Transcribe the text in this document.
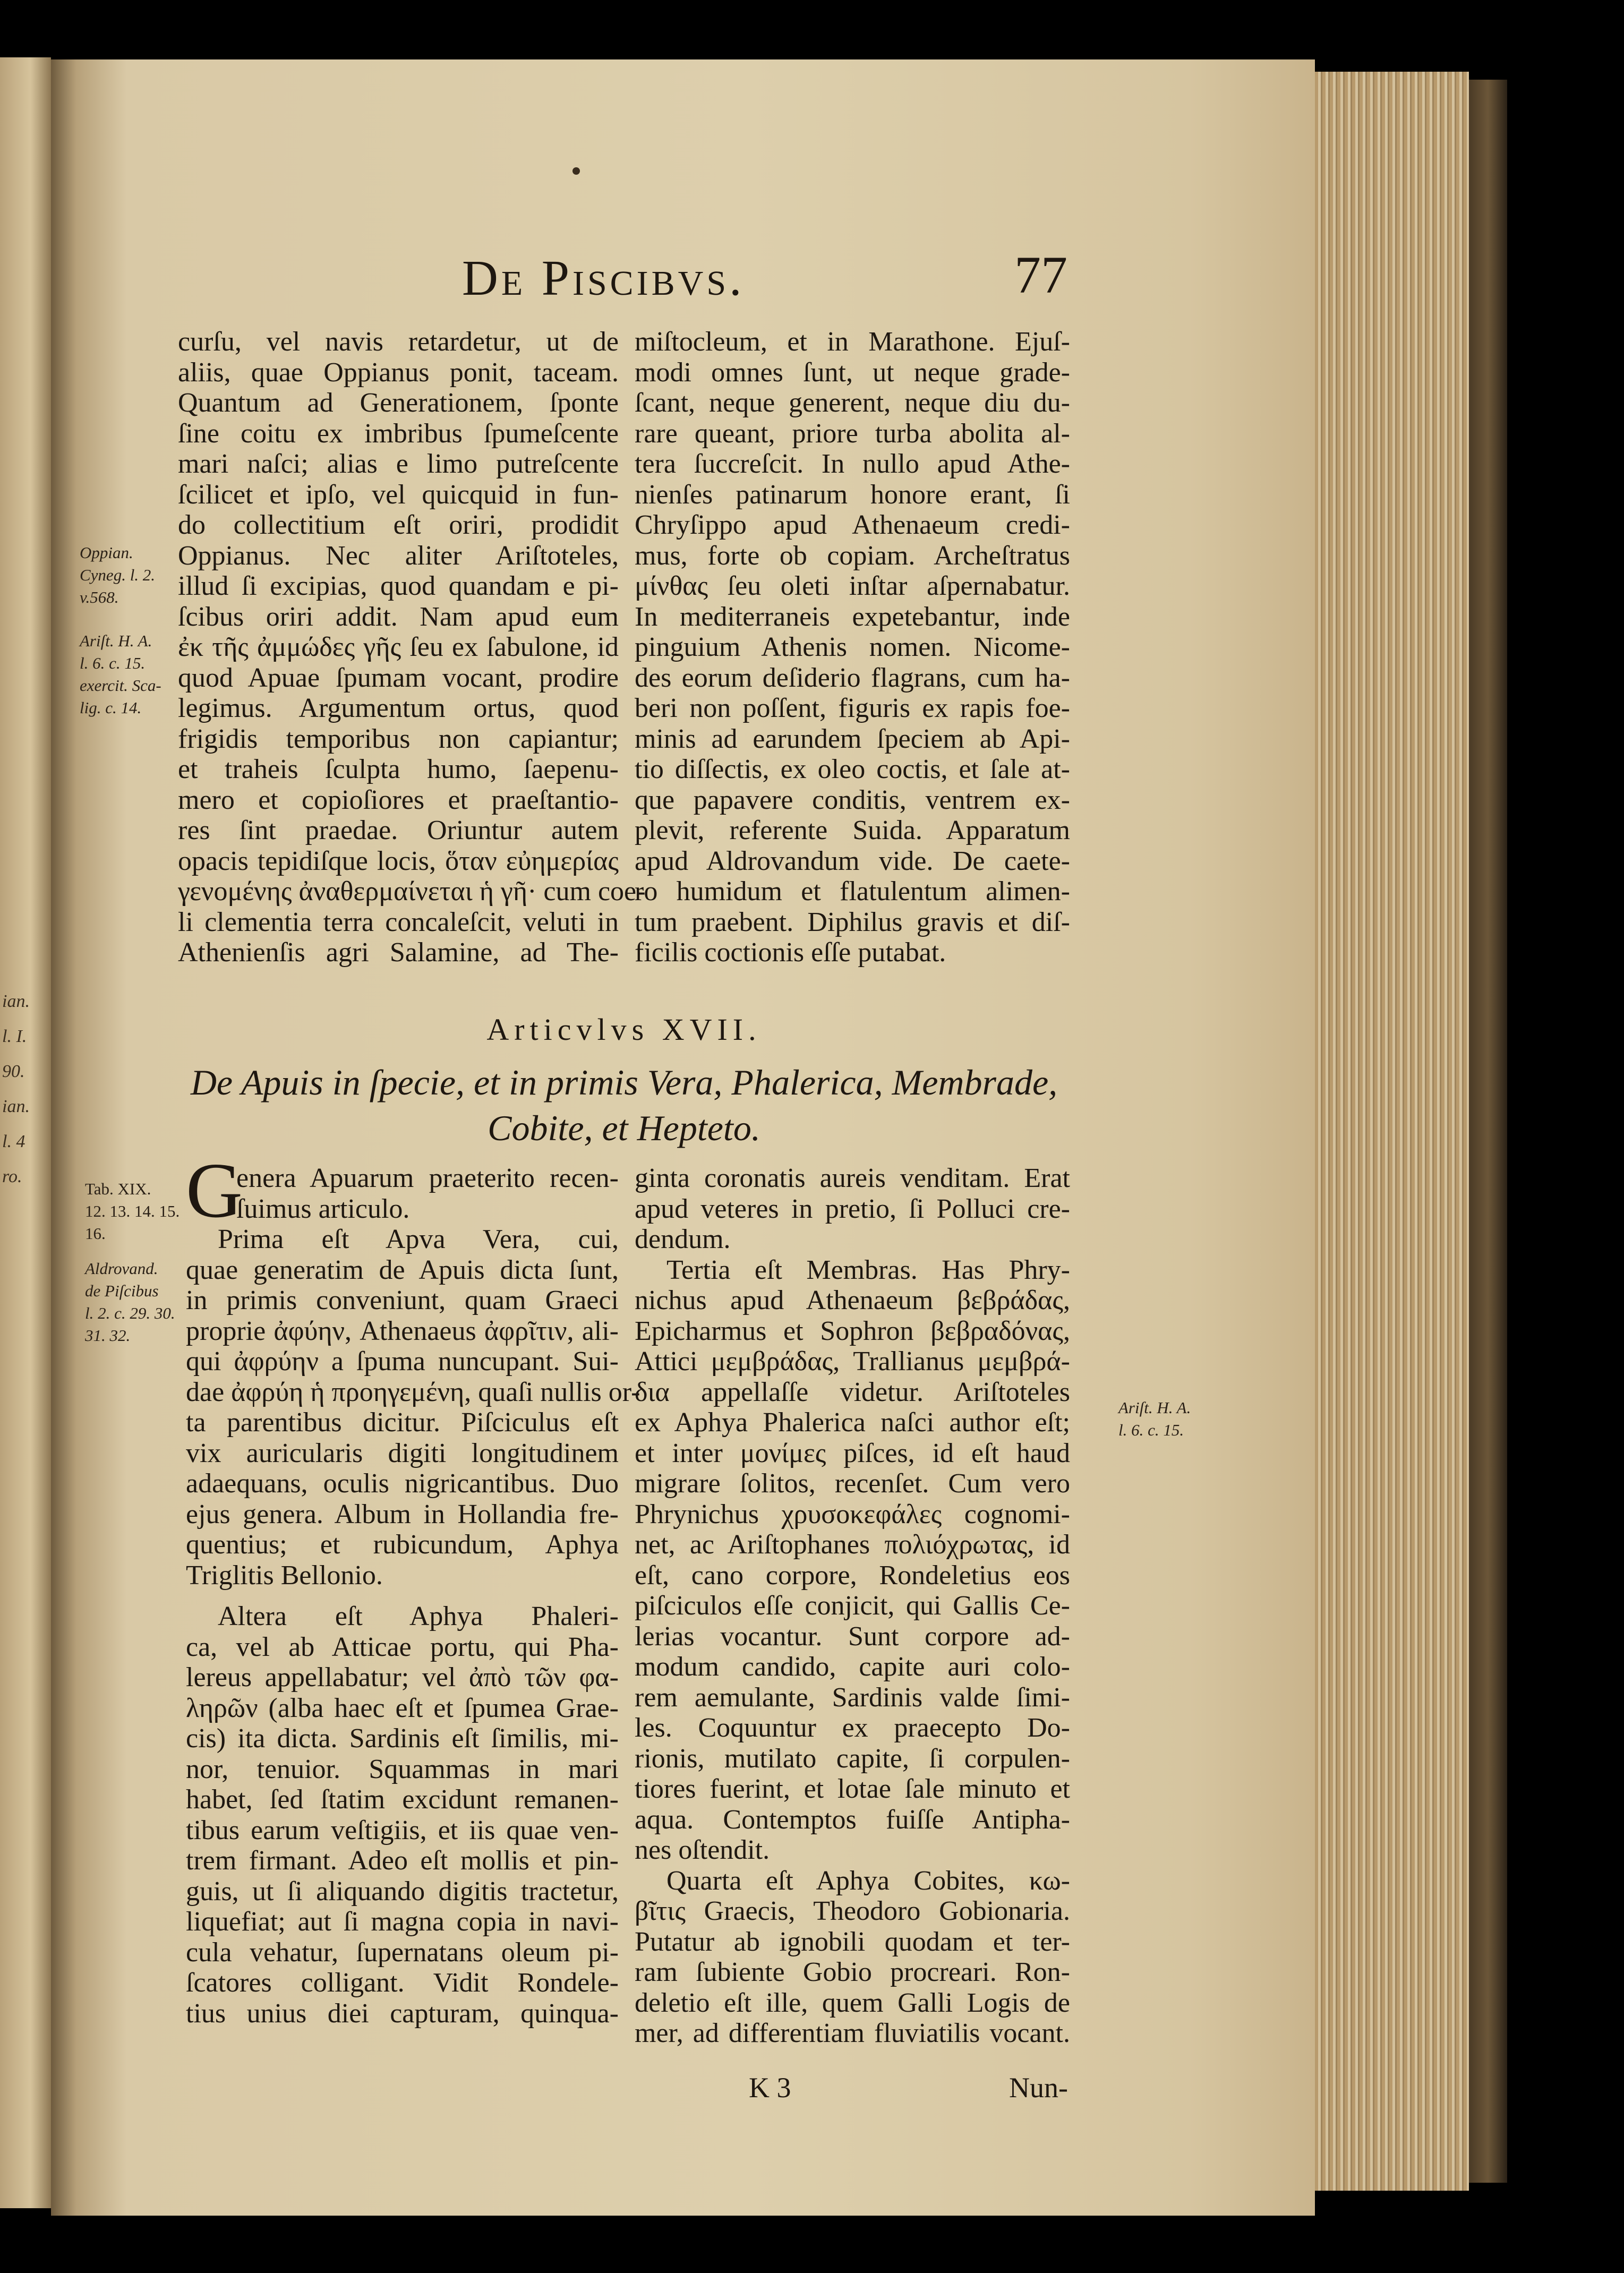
ian.
l. I.
90.
ian.
l. 4
ro.
De Piscibvs.	77
Oppian.
Cyneg. l. 2.
v.568.
Ariſt. H. A.
l. 6. c. 15.
exercit. Sca-
lig. c. 14.
curſu, vel navis retardetur, ut de
aliis, quae Oppianus ponit, taceam.
Quantum ad Generationem, ſponte
ſine coitu ex imbribus ſpumeſcente
mari naſci; alias e limo putreſcente
ſcilicet et ipſo, vel quicquid in fun-
do collectitium eſt oriri, prodidit
Oppianus. Nec aliter Ariſtoteles,
illud ſi excipias, quod quandam e pi-
ſcibus oriri addit. Nam apud eum
ἐκ τῆς ἀμμώδες γῆς ſeu ex ſabulone, id
quod Apuae ſpumam vocant, prodire
legimus. Argumentum ortus, quod
frigidis temporibus non capiantur;
et traheis ſculpta humo, ſaepenu-
mero et copioſiores et praeſtantio-
res ſint praedae. Oriuntur autem
opacis tepidiſque locis, ὅταν εὐημερίας
γενομένης ἀναθερμαίνεται ἡ γῆ· cum coe-
li clementia terra concaleſcit, veluti in
Athenienſis agri Salamine, ad The-
miſtocleum, et in Marathone. Ejuſ-
modi omnes ſunt, ut neque grade-
ſcant, neque generent, neque diu du-
rare queant, priore turba abolita al-
tera ſuccreſcit. In nullo apud Athe-
nienſes patinarum honore erant, ſi
Chryſippo apud Athenaeum credi-
mus, forte ob copiam. Archeſtratus
μίνθας ſeu oleti inſtar aſpernabatur.
In mediterraneis expetebantur, inde
pinguium Athenis nomen. Nicome-
des eorum deſiderio flagrans, cum ha-
beri non poſſent, figuris ex rapis foe-
minis ad earundem ſpeciem ab Api-
tio diſſectis, ex oleo coctis, et ſale at-
que papavere conditis, ventrem ex-
plevit, referente Suida. Apparatum
apud Aldrovandum vide. De caete-
ro humidum et flatulentum alimen-
tum praebent. Diphilus gravis et diſ-
ficilis coctionis eſſe putabat.
Articvlvs XVII.
De Apuis in ſpecie, et in primis Vera, Phalerica, Membrade,
Cobite, et Hepteto.
Tab. XIX.
12. 13. 14. 15.
16.
Aldrovand.
de Piſcibus
l. 2. c. 29. 30.
31. 32.
Ariſt. H. A.
l. 6. c. 15.
G
enera Apuarum praeterito recen-
ſuimus articulo.
Prima eſt Apva Vera, cui,
quae generatim de Apuis dicta ſunt,
in primis conveniunt, quam Graeci
proprie ἀφύην, Athenaeus ἀφρῖτιν, ali-
qui ἀφρύην a ſpuma nuncupant. Sui-
dae ἀφρύη ἡ προηγεμένη, quaſi nullis or-
ta parentibus dicitur. Piſciculus eſt
vix auricularis digiti longitudinem
adaequans, oculis nigricantibus. Duo
ejus genera. Album in Hollandia fre-
quentius; et rubicundum, Aphya
Triglitis Bellonio.
Altera eſt Aphya Phaleri-
ca, vel ab Atticae portu, qui Pha-
lereus appellabatur; vel ἀπὸ τῶν φα-
ληρῶν (alba haec eſt et ſpumea Grae-
cis) ita dicta. Sardinis eſt ſimilis, mi-
nor, tenuior. Squammas in mari
habet, ſed ſtatim excidunt remanen-
tibus earum veſtigiis, et iis quae ven-
trem firmant. Adeo eſt mollis et pin-
guis, ut ſi aliquando digitis tractetur,
liquefiat; aut ſi magna copia in navi-
cula vehatur, ſupernatans oleum pi-
ſcatores colligant. Vidit Rondele-
tius unius diei capturam, quinqua-
ginta coronatis aureis venditam. Erat
apud veteres in pretio, ſi Polluci cre-
dendum.
Tertia eſt Membras. Has Phry-
nichus apud Athenaeum βεβράδας,
Epicharmus et Sophron βεβραδόνας,
Attici μεμβράδας, Trallianus μεμβρά-
δια appellaſſe videtur. Ariſtoteles
ex Aphya Phalerica naſci author eſt;
et inter μονίμες piſces, id eſt haud
migrare ſolitos, recenſet. Cum vero
Phrynichus χρυσοκεφάλες cognomi-
net, ac Ariſtophanes πολιόχρωτας, id
eſt, cano corpore, Rondeletius eos
piſciculos eſſe conjicit, qui Gallis Ce-
lerias vocantur. Sunt corpore ad-
modum candido, capite auri colo-
rem aemulante, Sardinis valde ſimi-
les. Coquuntur ex praecepto Do-
rionis, mutilato capite, ſi corpulen-
tiores fuerint, et lotae ſale minuto et
aqua. Contemptos fuiſſe Antipha-
nes oſtendit.
Quarta eſt Aphya Cobites, κω-
βῖτις Graecis, Theodoro Gobionaria.
Putatur ab ignobili quodam et ter-
ram ſubiente Gobio procreari. Ron-
deletio eſt ille, quem Galli Logis de
mer, ad differentiam fluviatilis vocant.
K 3	Nun-
